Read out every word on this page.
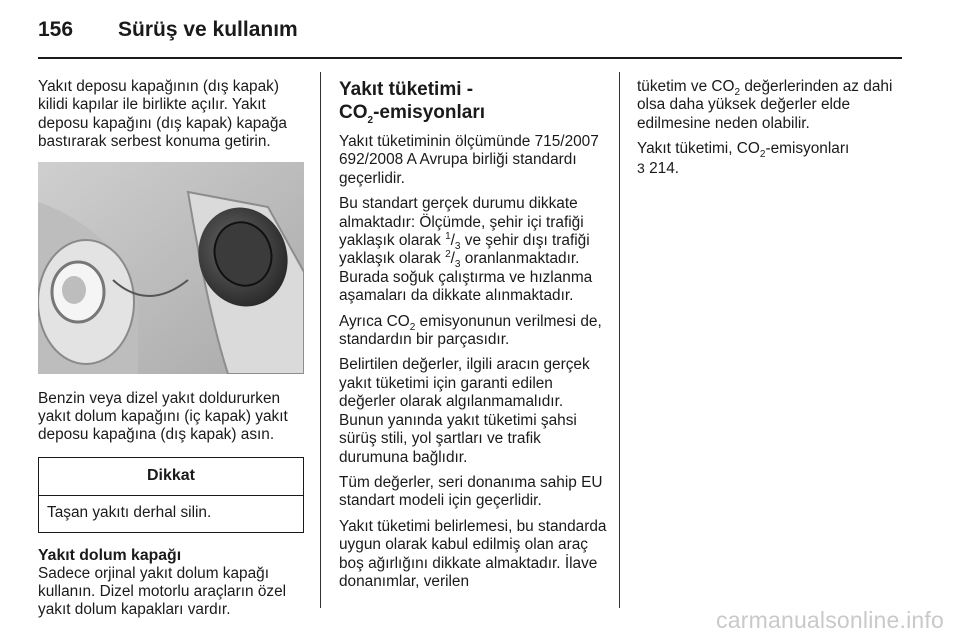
156	Sürüş ve kullanım

Yakıt deposu kapağının (dış kapak) kilidi kapılar ile birlikte açılır. Yakıt deposu kapağını (dış kapak) kapağa bastırarak serbest konuma getirin.

Benzin veya dizel yakıt doldururken yakıt dolum kapağını (iç kapak) yakıt deposu kapağına (dış kapak) asın.

Dikkat
Taşan yakıtı derhal silin.
Yakıt dolum kapağı

Sadece orjinal yakıt dolum kapağı kullanın. Dizel motorlu araçların özel yakıt dolum kapakları vardır.

Yakıt tüketimi -
$CO_2$-emisyonları

Yakıt tüketiminin ölçümünde 715/2007 692/2008 A Avrupa birliği standardı geçerlidir.

Bu standart gerçek durumu dikkate almaktadır: Ölçümde, şehir içi trafiği yaklaşık olarak $^1/_3$ ve şehir dışı trafiği yaklaşık olarak $^2/_3$ oranlanmaktadır. Burada soğuk çalıştırma ve hızlanma aşamaları da dikkate alınmaktadır.

Ayrıca $CO_2$ emisyonunun verilmesi de, standardın bir parçasıdır.

Belirtilen değerler, ilgili aracın gerçek yakıt tüketimi için garanti edilen değerler olarak algılanmamalıdır. Bunun yanında yakıt tüketimi şahsi sürüş stili, yol şartları ve trafik durumuna bağlıdır.

Tüm değerler, seri donanıma sahip EU standart modeli için geçerlidir.

Yakıt tüketimi belirlemesi, bu standarda uygun olarak kabul edilmiş olan araç boş ağırlığını dikkate almaktadır. İlave donanımlar, verilen

tüketim ve $CO_2$ değerlerinden az dahi olsa daha yüksek değerler elde edilmesine neden olabilir.

Yakıt tüketimi, $CO_2$-emisyonları
3 214.

carmanualsonline.info
